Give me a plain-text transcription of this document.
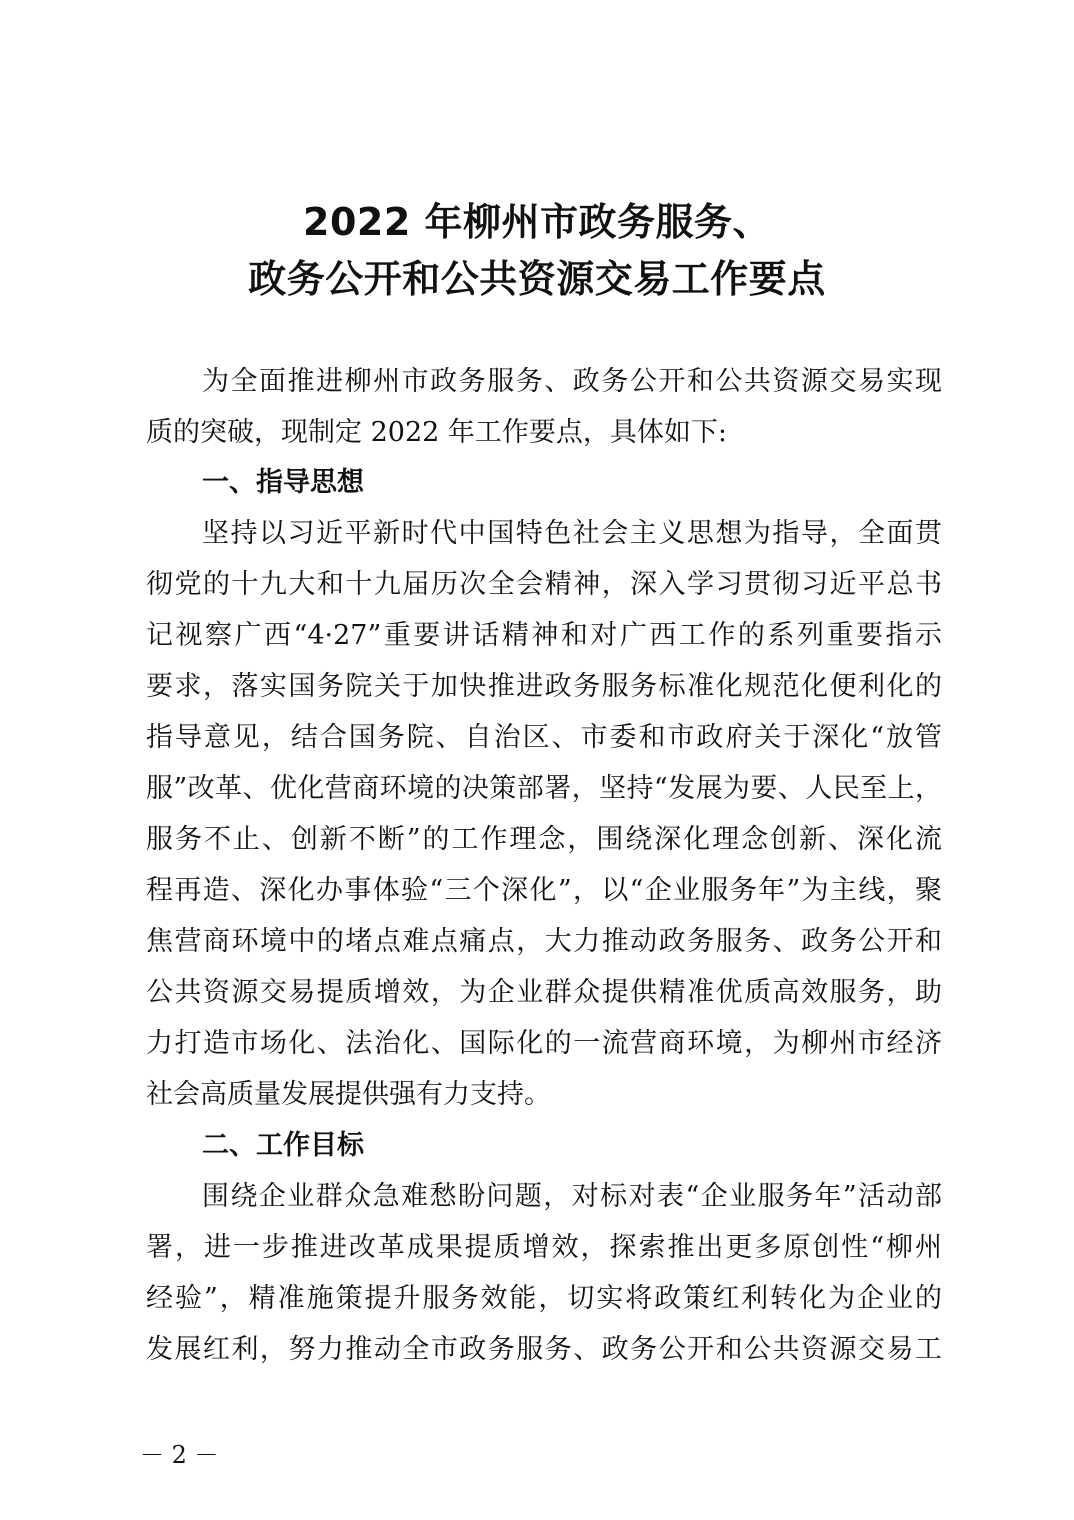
2022 年柳州市政务服务、
政务公开和公共资源交易工作要点

为全面推进柳州市政务服务、政务公开和公共资源交易实现

质的突破，现制定 2022 年工作要点，具体如下:

一、指导思想

坚持以习近平新时代中国特色社会主义思想为指导，全面贯

彻党的十九大和十九届历次全会精神，深入学习贯彻习近平总书

记视察广西“4·27”重要讲话精神和对广西工作的系列重要指示

要求，落实国务院关于加快推进政务服务标准化规范化便利化的

指导意见，结合国务院、自治区、市委和市政府关于深化“放管

服”改革、优化营商环境的决策部署，坚持“发展为要、人民至上，

服务不止、创新不断”的工作理念，围绕深化理念创新、深化流

程再造、深化办事体验“三个深化”，以“企业服务年”为主线，聚

焦营商环境中的堵点难点痛点，大力推动政务服务、政务公开和

公共资源交易提质增效，为企业群众提供精准优质高效服务，助

力打造市场化、法治化、国际化的一流营商环境，为柳州市经济

社会高质量发展提供强有力支持。

二、工作目标

围绕企业群众急难愁盼问题，对标对表“企业服务年”活动部

署，进一步推进改革成果提质增效，探索推出更多原创性“柳州

经验”，精准施策提升服务效能，切实将政策红利转化为企业的

发展红利，努力推动全市政务服务、政务公开和公共资源交易工

－ 2 －
